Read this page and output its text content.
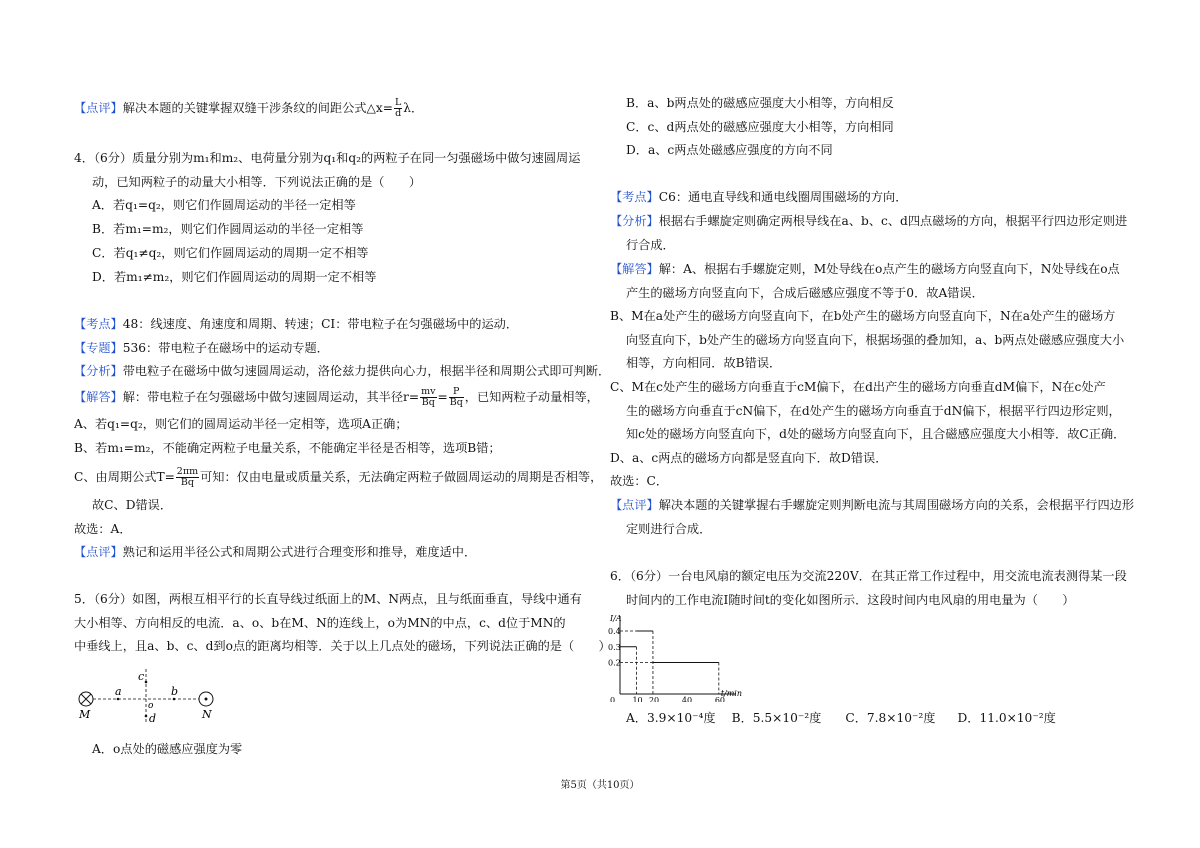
【点评】解决本题的关键掌握双缝干涉条纹的间距公式△x= $\frac{L}{d}$ λ．
4．（6分）质量分别为m₁和m₂、电荷量分别为q₁和q₂的两粒子在同一匀强磁场中做匀速圆周运
动，已知两粒子的动量大小相等．下列说法正确的是（　　）
A．若q₁=q₂，则它们作圆周运动的半径一定相等
B．若m₁=m₂，则它们作圆周运动的半径一定相等
C．若q₁≠q₂，则它们作圆周运动的周期一定不相等
D．若m₁≠m₂，则它们作圆周运动的周期一定不相等
【考点】48：线速度、角速度和周期、转速；CI：带电粒子在匀强磁场中的运动．
【专题】536：带电粒子在磁场中的运动专题．
【分析】带电粒子在磁场中做匀速圆周运动，洛伦兹力提供向心力，根据半径和周期公式即可判断．
【解答】解：带电粒子在匀强磁场中做匀速圆周运动，其半径$r= \frac{mv}{Bq} = \frac{P}{Bq}$ ，已知两粒子动量相等，
A、若q₁=q₂，则它们的圆周运动半径一定相等，选项A正确；
B、若m₁=m₂，不能确定两粒子电量关系，不能确定半径是否相等，选项B错；
C、由周期公式$T= \frac{2\pi m}{Bq}$ 可知：仅由电量或质量关系，无法确定两粒子做圆周运动的周期是否相等，
故C、D错误．
故选：A．
【点评】熟记和运用半径公式和周期公式进行合理变形和推导，难度适中．
5．（6分）如图，两根互相平行的长直导线过纸面上的M、N两点，且与纸面垂直，导线中通有
大小相等、方向相反的电流．a、o、b在M、N的连线上，o为MN的中点，c、d位于MN的
中垂线上，且a、b、c、d到o点的距离均相等．关于以上几点处的磁场，下列说法正确的是（　　）
M	N
a	b
c
d
o
A．o点处的磁感应强度为零
B．a、b两点处的磁感应强度大小相等，方向相反
C．c、d两点处的磁感应强度大小相等，方向相同
D．a、c两点处磁感应强度的方向不同
【考点】C6：通电直导线和通电线圈周围磁场的方向．
【分析】根据右手螺旋定则确定两根导线在a、b、c、d四点磁场的方向，根据平行四边形定则进
行合成．
【解答】解：A、根据右手螺旋定则，M处导线在o点产生的磁场方向竖直向下，N处导线在o点
产生的磁场方向竖直向下，合成后磁感应强度不等于0．故A错误．
B、M在a处产生的磁场方向竖直向下，在b处产生的磁场方向竖直向下，N在a处产生的磁场方
向竖直向下，b处产生的磁场方向竖直向下，根据场强的叠加知，a、b两点处磁感应强度大小
相等，方向相同．故B错误．
C、M在c处产生的磁场方向垂直于cM偏下，在d出产生的磁场方向垂直dM偏下，N在c处产
生的磁场方向垂直于cN偏下，在d处产生的磁场方向垂直于dN偏下，根据平行四边形定则，
知c处的磁场方向竖直向下，d处的磁场方向竖直向下，且合磁感应强度大小相等．故C正确．
D、a、c两点的磁场方向都是竖直向下．故D错误．
故选：C．
【点评】解决本题的关键掌握右手螺旋定则判断电流与其周围磁场方向的关系，会根据平行四边形
定则进行合成．
6．（6分）一台电风扇的额定电压为交流220V．在其正常工作过程中，用交流电流表测得某一段
时间内的工作电流I随时间t的变化如图所示．这段时间内电风扇的用电量为（　　）
I/A
t/min
0 10 20	40	60
0.2
0.3
0.4
A．3.9×10⁻⁴度 B．5.5×10⁻²度 C．7.8×10⁻²度 D．11.0×10⁻²度
第5页（共10页）
